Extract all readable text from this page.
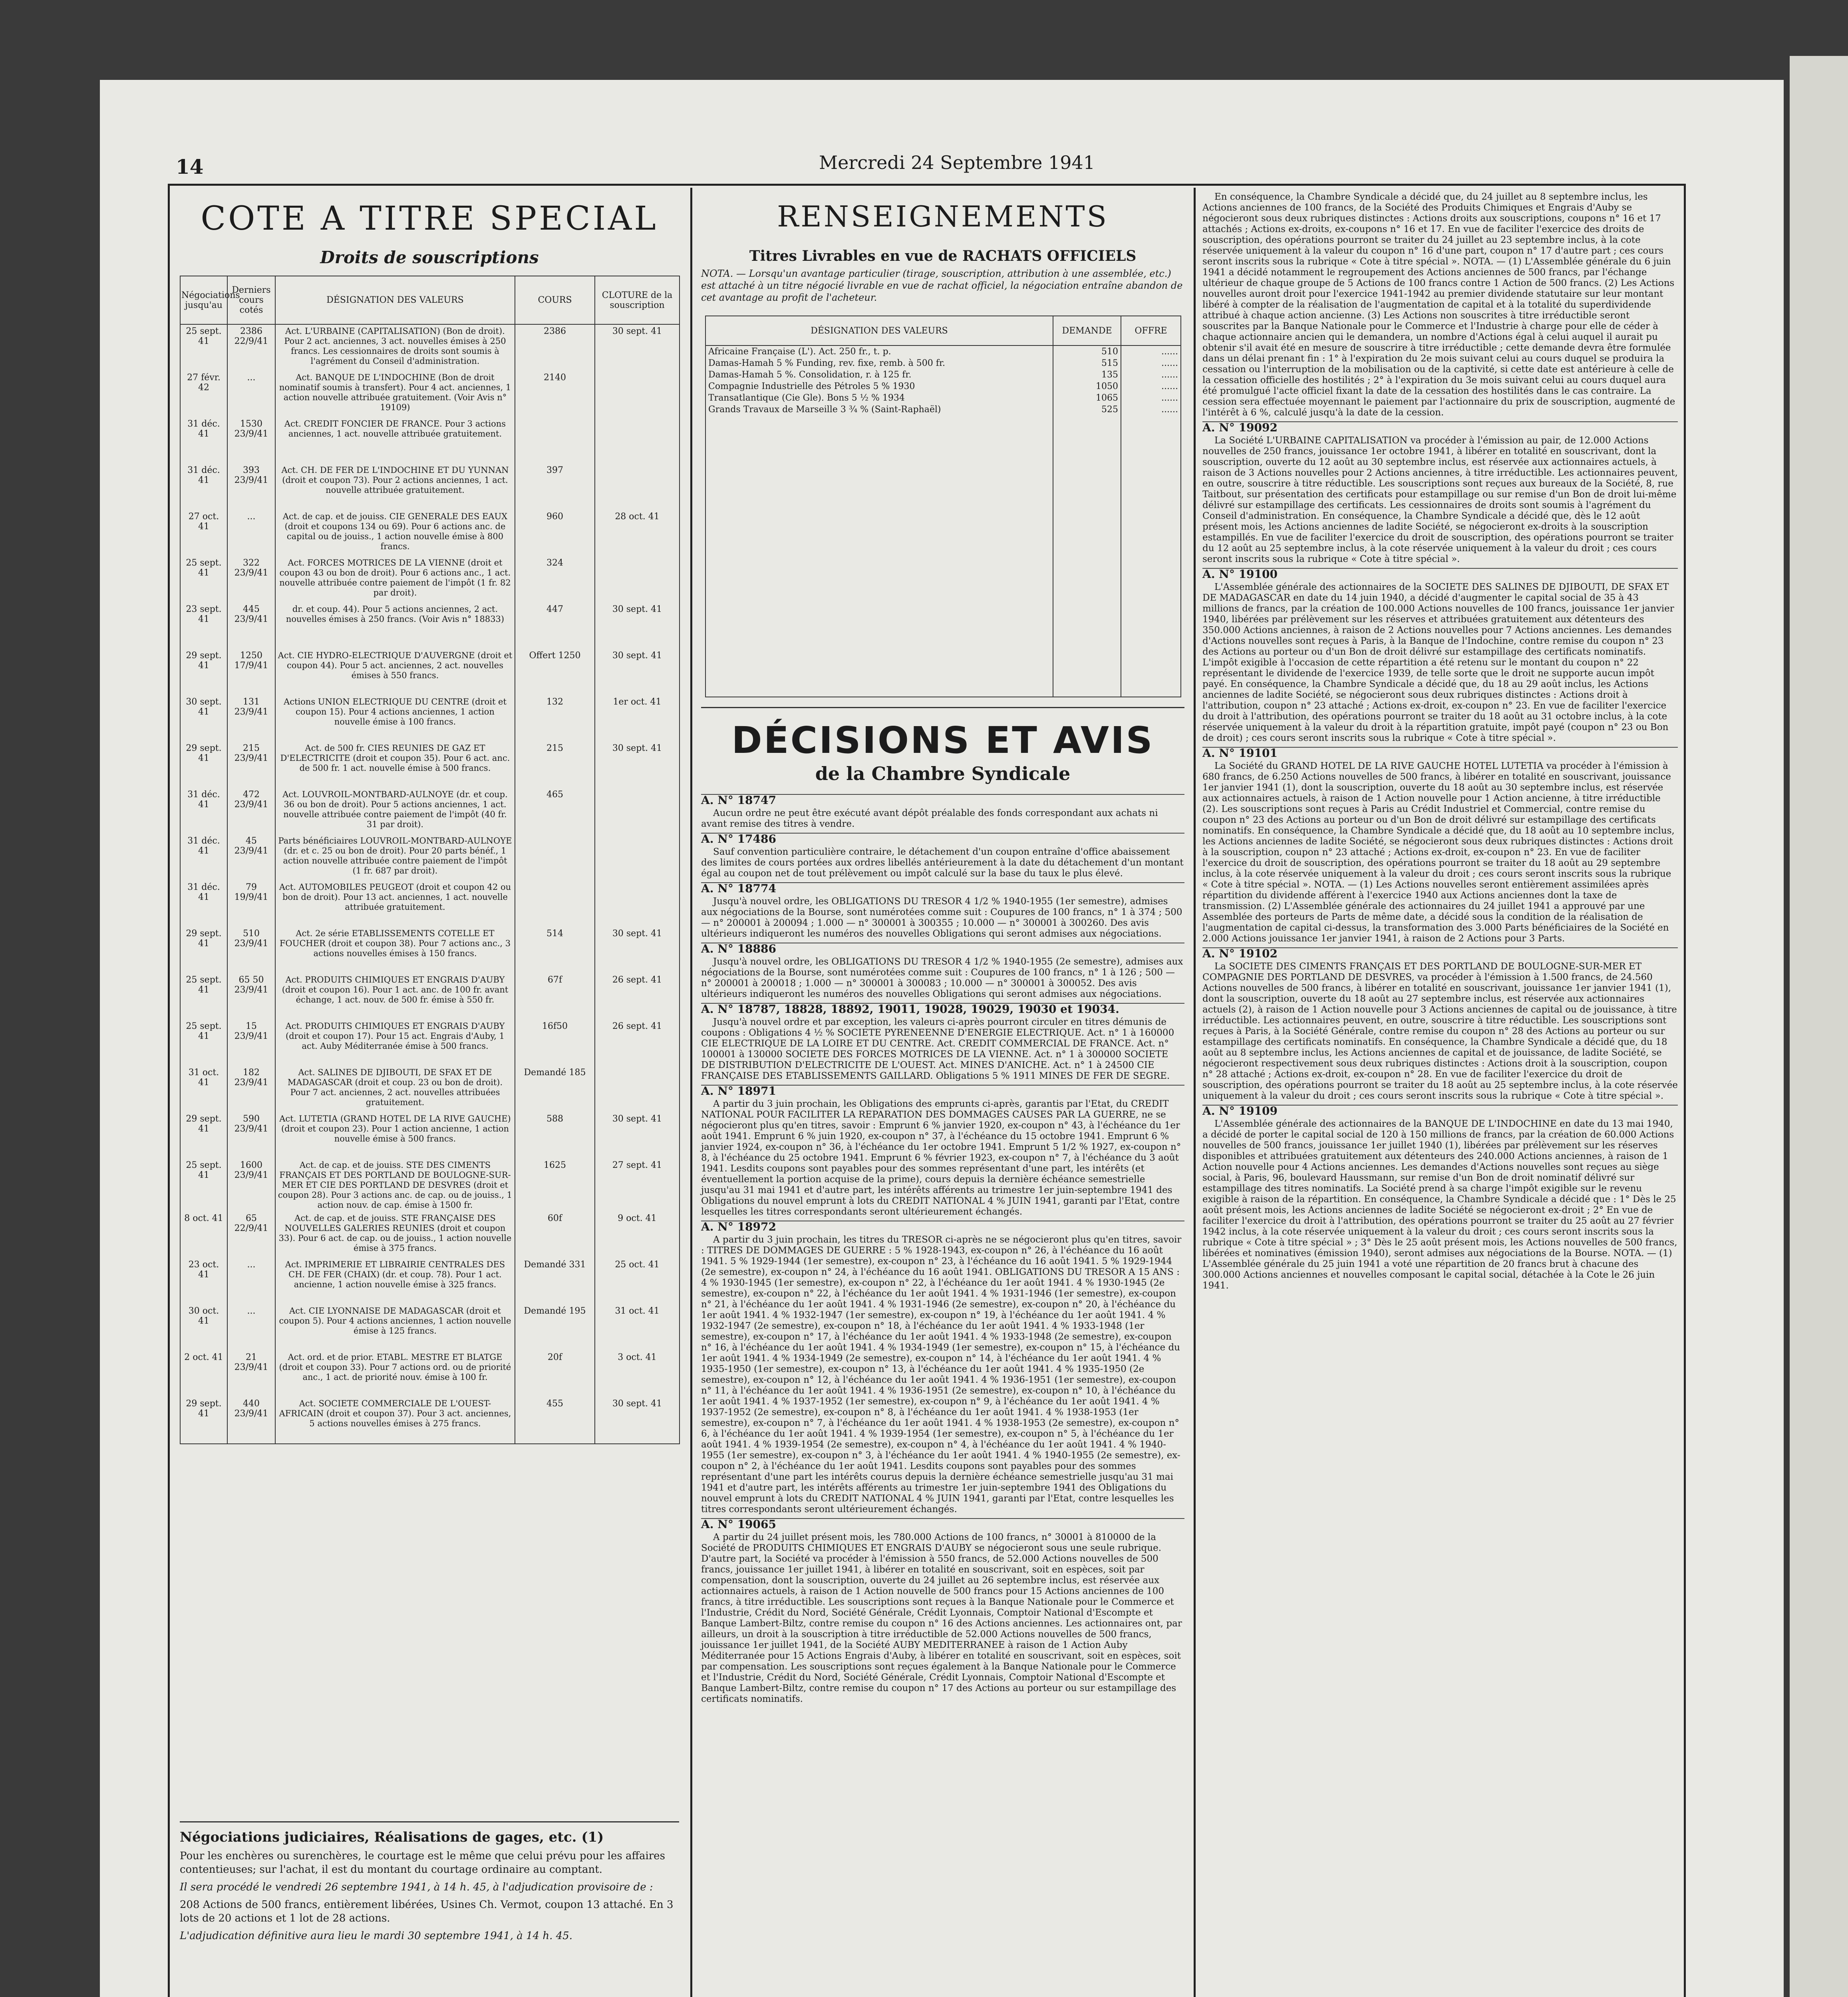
14	Mercredi 24 Septembre 1941
COTE A TITRE SPECIAL
Droits de souscriptions
Négociations jusqu'au	Derniers cours cotés	DÉSIGNATION DES VALEURS	COURS	CLOTURE de la souscription
25 sept. 41	2386 22/9/41	Act. L'URBAINE (CAPITALISATION) (Bon de droit). Pour 2 act. anciennes, 3 act. nouvelles émises à 250 francs. Les cessionnaires de droits sont soumis à l'agrément du Conseil d'administration.	2386	30 sept. 41
27 févr. 42	...	Act. BANQUE DE L'INDOCHINE (Bon de droit nominatif soumis à transfert). Pour 4 act. anciennes, 1 action nouvelle attribuée gratuitement. (Voir Avis n° 19109)	2140	
31 déc. 41	1530 23/9/41	Act. CREDIT FONCIER DE FRANCE. Pour 3 actions anciennes, 1 act. nouvelle attribuée gratuitement.		
31 déc. 41	393 23/9/41	Act. CH. DE FER DE L'INDOCHINE ET DU YUNNAN (droit et coupon 73). Pour 2 actions anciennes, 1 act. nouvelle attribuée gratuitement.	397	
27 oct. 41	...	Act. de cap. et de jouiss. CIE GENERALE DES EAUX (droit et coupons 134 ou 69). Pour 6 actions anc. de capital ou de jouiss., 1 action nouvelle émise à 800 francs.	960	28 oct. 41
25 sept. 41	322 23/9/41	Act. FORCES MOTRICES DE LA VIENNE (droit et coupon 43 ou bon de droit). Pour 6 actions anc., 1 act. nouvelle attribuée contre paiement de l'impôt (1 fr. 82 par droit).	324	
23 sept. 41	445 23/9/41	dr. et coup. 44). Pour 5 actions anciennes, 2 act. nouvelles émises à 250 francs. (Voir Avis n° 18833)	447	30 sept. 41
29 sept. 41	1250 17/9/41	Act. CIE HYDRO-ELECTRIQUE D'AUVERGNE (droit et coupon 44). Pour 5 act. anciennes, 2 act. nouvelles émises à 550 francs.	Offert 1250	30 sept. 41
30 sept. 41	131 23/9/41	Actions UNION ELECTRIQUE DU CENTRE (droit et coupon 15). Pour 4 actions anciennes, 1 action nouvelle émise à 100 francs.	132	1er oct. 41
29 sept. 41	215 23/9/41	Act. de 500 fr. CIES REUNIES DE GAZ ET D'ELECTRICITE (droit et coupon 35). Pour 6 act. anc. de 500 fr. 1 act. nouvelle émise à 500 francs.	215	30 sept. 41
31 déc. 41	472 23/9/41	Act. LOUVROIL-MONTBARD-AULNOYE (dr. et coup. 36 ou bon de droit). Pour 5 actions anciennes, 1 act. nouvelle attribuée contre paiement de l'impôt (40 fr. 31 par droit).	465	
31 déc. 41	45 23/9/41	Parts bénéficiaires LOUVROIL-MONTBARD-AULNOYE (dr. et c. 25 ou bon de droit). Pour 20 parts bénéf., 1 action nouvelle attribuée contre paiement de l'impôt (1 fr. 687 par droit).		
31 déc. 41	79 19/9/41	Act. AUTOMOBILES PEUGEOT (droit et coupon 42 ou bon de droit). Pour 13 act. anciennes, 1 act. nouvelle attribuée gratuitement.		
29 sept. 41	510 23/9/41	Act. 2e série ETABLISSEMENTS COTELLE ET FOUCHER (droit et coupon 38). Pour 7 actions anc., 3 actions nouvelles émises à 150 francs.	514	30 sept. 41
25 sept. 41	65 50 23/9/41	Act. PRODUITS CHIMIQUES ET ENGRAIS D'AUBY (droit et coupon 16). Pour 1 act. anc. de 100 fr. avant échange, 1 act. nouv. de 500 fr. émise à 550 fr.	67f	26 sept. 41
25 sept. 41	15 23/9/41	Act. PRODUITS CHIMIQUES ET ENGRAIS D'AUBY (droit et coupon 17). Pour 15 act. Engrais d'Auby, 1 act. Auby Méditerranée émise à 500 francs.	16f50	26 sept. 41
31 oct. 41	182 23/9/41	Act. SALINES DE DJIBOUTI, DE SFAX ET DE MADAGASCAR (droit et coup. 23 ou bon de droit). Pour 7 act. anciennes, 2 act. nouvelles attribuées gratuitement.	Demandé 185	
29 sept. 41	590 23/9/41	Act. LUTETIA (GRAND HOTEL DE LA RIVE GAUCHE) (droit et coupon 23). Pour 1 action ancienne, 1 action nouvelle émise à 500 francs.	588	30 sept. 41
25 sept. 41	1600 23/9/41	Act. de cap. et de jouiss. STE DES CIMENTS FRANÇAIS ET DES PORTLAND DE BOULOGNE-SUR-MER ET CIE DES PORTLAND DE DESVRES (droit et coupon 28). Pour 3 actions anc. de cap. ou de jouiss., 1 action nouv. de cap. émise à 1500 fr.	1625	27 sept. 41
8 oct. 41	65 22/9/41	Act. de cap. et de jouiss. STE FRANÇAISE DES NOUVELLES GALERIES REUNIES (droit et coupon 33). Pour 6 act. de cap. ou de jouiss., 1 action nouvelle émise à 375 francs.	60f	9 oct. 41
23 oct. 41	...	Act. IMPRIMERIE ET LIBRAIRIE CENTRALES DES CH. DE FER (CHAIX) (dr. et coup. 78). Pour 1 act. ancienne, 1 action nouvelle émise à 325 francs.	Demandé 331	25 oct. 41
30 oct. 41	...	Act. CIE LYONNAISE DE MADAGASCAR (droit et coupon 5). Pour 4 actions anciennes, 1 action nouvelle émise à 125 francs.	Demandé 195	31 oct. 41
2 oct. 41	21 23/9/41	Act. ord. et de prior. ETABL. MESTRE ET BLATGE (droit et coupon 33). Pour 7 actions ord. ou de priorité anc., 1 act. de priorité nouv. émise à 100 fr.	20f	3 oct. 41
29 sept. 41	440 23/9/41	Act. SOCIETE COMMERCIALE DE L'OUEST-AFRICAIN (droit et coupon 37). Pour 3 act. anciennes, 5 actions nouvelles émises à 275 francs.	455	30 sept. 41
Négociations judiciaires, Réalisations de gages, etc. (1)

Pour les enchères ou surenchères, le courtage est le même que celui prévu pour les affaires contentieuses; sur l'achat, il est du montant du courtage ordinaire au comptant.

Il sera procédé le vendredi 26 septembre 1941, à 14 h. 45, à l'adjudication provisoire de :

208 Actions de 500 francs, entièrement libérées, Usines Ch. Vermot, coupon 13 attaché. En 3 lots de 20 actions et 1 lot de 28 actions.

L'adjudication définitive aura lieu le mardi 30 septembre 1941, à 14 h. 45.

RENSEIGNEMENTS
Titres Livrables en vue de RACHATS OFFICIELS
NOTA. — Lorsqu'un avantage particulier (tirage, souscription, attribution à une assemblée, etc.) est attaché à un titre négocié livrable en vue de rachat officiel, la négociation entraîne abandon de cet avantage au profit de l'acheteur.
DÉSIGNATION DES VALEURS	DEMANDE	OFFRE
Africaine Française (L'). Act. 250 fr., t. p.	510	......
Damas-Hamah 5 % Funding, rev. fixe, remb. à 500 fr.	515	......
Damas-Hamah 5 %. Consolidation, r. à 125 fr.	135	......
Compagnie Industrielle des Pétroles 5 % 1930	1050	......
Transatlantique (Cie Gle). Bons 5 ½ % 1934	1065	......
Grands Travaux de Marseille 3 ¾ % (Saint-Raphaël)	525	......

DÉCISIONS ET AVIS
de la Chambre Syndicale
A. N° 18747

Aucun ordre ne peut être exécuté avant dépôt préalable des fonds correspondant aux achats ni avant remise des titres à vendre.

A. N° 17486

Sauf convention particulière contraire, le détachement d'un coupon entraîne d'office abaissement des limites de cours portées aux ordres libellés antérieurement à la date du détachement d'un montant égal au coupon net de tout prélèvement ou impôt calculé sur la base du taux le plus élevé.

A. N° 18774

Jusqu'à nouvel ordre, les OBLIGATIONS DU TRESOR 4 1/2 % 1940-1955 (1er semestre), admises aux négociations de la Bourse, sont numérotées comme suit : Coupures de 100 francs, n° 1 à 374 ; 500 — n° 200001 à 200094 ; 1.000 — n° 300001 à 300355 ; 10.000 — n° 300001 à 300260. Des avis ultérieurs indiqueront les numéros des nouvelles Obligations qui seront admises aux négociations.

A. N° 18886

Jusqu'à nouvel ordre, les OBLIGATIONS DU TRESOR 4 1/2 % 1940-1955 (2e semestre), admises aux négociations de la Bourse, sont numérotées comme suit : Coupures de 100 francs, n° 1 à 126 ; 500 — n° 200001 à 200018 ; 1.000 — n° 300001 à 300083 ; 10.000 — n° 300001 à 300052. Des avis ultérieurs indiqueront les numéros des nouvelles Obligations qui seront admises aux négociations.

A. N° 18787, 18828, 18892, 19011, 19028, 19029, 19030 et 19034.

Jusqu'à nouvel ordre et par exception, les valeurs ci-après pourront circuler en titres démunis de coupons : Obligations 4 ½ % SOCIETE PYRENEENNE D'ENERGIE ELECTRIQUE. Act. n° 1 à 160000 CIE ELECTRIQUE DE LA LOIRE ET DU CENTRE. Act. CREDIT COMMERCIAL DE FRANCE. Act. n° 100001 à 130000 SOCIETE DES FORCES MOTRICES DE LA VIENNE. Act. n° 1 à 300000 SOCIETE DE DISTRIBUTION D'ELECTRICITE DE L'OUEST. Act. MINES D'ANICHE. Act. n° 1 à 24500 CIE FRANÇAISE DES ETABLISSEMENTS GAILLARD. Obligations 5 % 1911 MINES DE FER DE SEGRE.

A. N° 18971

A partir du 3 juin prochain, les Obligations des emprunts ci-après, garantis par l'Etat, du CREDIT NATIONAL POUR FACILITER LA REPARATION DES DOMMAGES CAUSES PAR LA GUERRE, ne se négocieront plus qu'en titres, savoir : Emprunt 6 % janvier 1920, ex-coupon n° 43, à l'échéance du 1er août 1941. Emprunt 6 % juin 1920, ex-coupon n° 37, à l'échéance du 15 octobre 1941. Emprunt 6 % janvier 1924, ex-coupon n° 36, à l'échéance du 1er octobre 1941. Emprunt 5 1/2 % 1927, ex-coupon n° 8, à l'échéance du 25 octobre 1941. Emprunt 6 % février 1923, ex-coupon n° 7, à l'échéance du 3 août 1941. Lesdits coupons sont payables pour des sommes représentant d'une part, les intérêts (et éventuellement la portion acquise de la prime), cours depuis la dernière échéance semestrielle jusqu'au 31 mai 1941 et d'autre part, les intérêts afférents au trimestre 1er juin-septembre 1941 des Obligations du nouvel emprunt à lots du CREDIT NATIONAL 4 % JUIN 1941, garanti par l'Etat, contre lesquelles les titres correspondants seront ultérieurement échangés.

A. N° 18972

A partir du 3 juin prochain, les titres du TRESOR ci-après ne se négocieront plus qu'en titres, savoir : TITRES DE DOMMAGES DE GUERRE : 5 % 1928-1943, ex-coupon n° 26, à l'échéance du 16 août 1941. 5 % 1929-1944 (1er semestre), ex-coupon n° 23, à l'échéance du 16 août 1941. 5 % 1929-1944 (2e semestre), ex-coupon n° 24, à l'échéance du 16 août 1941. OBLIGATIONS DU TRESOR A 15 ANS : 4 % 1930-1945 (1er semestre), ex-coupon n° 22, à l'échéance du 1er août 1941. 4 % 1930-1945 (2e semestre), ex-coupon n° 22, à l'échéance du 1er août 1941. 4 % 1931-1946 (1er semestre), ex-coupon n° 21, à l'échéance du 1er août 1941. 4 % 1931-1946 (2e semestre), ex-coupon n° 20, à l'échéance du 1er août 1941. 4 % 1932-1947 (1er semestre), ex-coupon n° 19, à l'échéance du 1er août 1941. 4 % 1932-1947 (2e semestre), ex-coupon n° 18, à l'échéance du 1er août 1941. 4 % 1933-1948 (1er semestre), ex-coupon n° 17, à l'échéance du 1er août 1941. 4 % 1933-1948 (2e semestre), ex-coupon n° 16, à l'échéance du 1er août 1941. 4 % 1934-1949 (1er semestre), ex-coupon n° 15, à l'échéance du 1er août 1941. 4 % 1934-1949 (2e semestre), ex-coupon n° 14, à l'échéance du 1er août 1941. 4 % 1935-1950 (1er semestre), ex-coupon n° 13, à l'échéance du 1er août 1941. 4 % 1935-1950 (2e semestre), ex-coupon n° 12, à l'échéance du 1er août 1941. 4 % 1936-1951 (1er semestre), ex-coupon n° 11, à l'échéance du 1er août 1941. 4 % 1936-1951 (2e semestre), ex-coupon n° 10, à l'échéance du 1er août 1941. 4 % 1937-1952 (1er semestre), ex-coupon n° 9, à l'échéance du 1er août 1941. 4 % 1937-1952 (2e semestre), ex-coupon n° 8, à l'échéance du 1er août 1941. 4 % 1938-1953 (1er semestre), ex-coupon n° 7, à l'échéance du 1er août 1941. 4 % 1938-1953 (2e semestre), ex-coupon n° 6, à l'échéance du 1er août 1941. 4 % 1939-1954 (1er semestre), ex-coupon n° 5, à l'échéance du 1er août 1941. 4 % 1939-1954 (2e semestre), ex-coupon n° 4, à l'échéance du 1er août 1941. 4 % 1940-1955 (1er semestre), ex-coupon n° 3, à l'échéance du 1er août 1941. 4 % 1940-1955 (2e semestre), ex-coupon n° 2, à l'échéance du 1er août 1941. Lesdits coupons sont payables pour des sommes représentant d'une part les intérêts courus depuis la dernière échéance semestrielle jusqu'au 31 mai 1941 et d'autre part, les intérêts afférents au trimestre 1er juin-septembre 1941 des Obligations du nouvel emprunt à lots du CREDIT NATIONAL 4 % JUIN 1941, garanti par l'Etat, contre lesquelles les titres correspondants seront ultérieurement échangés.

A. N° 19065

A partir du 24 juillet présent mois, les 780.000 Actions de 100 francs, n° 30001 à 810000 de la Société de PRODUITS CHIMIQUES ET ENGRAIS D'AUBY se négocieront sous une seule rubrique. D'autre part, la Société va procéder à l'émission à 550 francs, de 52.000 Actions nouvelles de 500 francs, jouissance 1er juillet 1941, à libérer en totalité en souscrivant, soit en espèces, soit par compensation, dont la souscription, ouverte du 24 juillet au 26 septembre inclus, est réservée aux actionnaires actuels, à raison de 1 Action nouvelle de 500 francs pour 15 Actions anciennes de 100 francs, à titre irréductible. Les souscriptions sont reçues à la Banque Nationale pour le Commerce et l'Industrie, Crédit du Nord, Société Générale, Crédit Lyonnais, Comptoir National d'Escompte et Banque Lambert-Biltz, contre remise du coupon n° 16 des Actions anciennes. Les actionnaires ont, par ailleurs, un droit à la souscription à titre irréductible de 52.000 Actions nouvelles de 500 francs, jouissance 1er juillet 1941, de la Société AUBY MEDITERRANEE à raison de 1 Action Auby Méditerranée pour 15 Actions Engrais d'Auby, à libérer en totalité en souscrivant, soit en espèces, soit par compensation. Les souscriptions sont reçues également à la Banque Nationale pour le Commerce et l'Industrie, Crédit du Nord, Société Générale, Crédit Lyonnais, Comptoir National d'Escompte et Banque Lambert-Biltz, contre remise du coupon n° 17 des Actions au porteur ou sur estampillage des certificats nominatifs.

En conséquence, la Chambre Syndicale a décidé que, du 24 juillet au 8 septembre inclus, les Actions anciennes de 100 francs, de la Société des Produits Chimiques et Engrais d'Auby se négocieront sous deux rubriques distinctes : Actions droits aux souscriptions, coupons n° 16 et 17 attachés ; Actions ex-droits, ex-coupons n° 16 et 17. En vue de faciliter l'exercice des droits de souscription, des opérations pourront se traiter du 24 juillet au 23 septembre inclus, à la cote réservée uniquement à la valeur du coupon n° 16 d'une part, coupon n° 17 d'autre part ; ces cours seront inscrits sous la rubrique « Cote à titre spécial ». NOTA. — (1) L'Assemblée générale du 6 juin 1941 a décidé notamment le regroupement des Actions anciennes de 500 francs, par l'échange ultérieur de chaque groupe de 5 Actions de 100 francs contre 1 Action de 500 francs. (2) Les Actions nouvelles auront droit pour l'exercice 1941-1942 au premier dividende statutaire sur leur montant libéré à compter de la réalisation de l'augmentation de capital et à la totalité du superdividende attribué à chaque action ancienne. (3) Les Actions non souscrites à titre irréductible seront souscrites par la Banque Nationale pour le Commerce et l'Industrie à charge pour elle de céder à chaque actionnaire ancien qui le demandera, un nombre d'Actions égal à celui auquel il aurait pu obtenir s'il avait été en mesure de souscrire à titre irréductible ; cette demande devra être formulée dans un délai prenant fin : 1° à l'expiration du 2e mois suivant celui au cours duquel se produira la cessation ou l'interruption de la mobilisation ou de la captivité, si cette date est antérieure à celle de la cessation officielle des hostilités ; 2° à l'expiration du 3e mois suivant celui au cours duquel aura été promulgué l'acte officiel fixant la date de la cessation des hostilités dans le cas contraire. La cession sera effectuée moyennant le paiement par l'actionnaire du prix de souscription, augmenté de l'intérêt à 6 %, calculé jusqu'à la date de la cession.

A. N° 19092

La Société L'URBAINE CAPITALISATION va procéder à l'émission au pair, de 12.000 Actions nouvelles de 250 francs, jouissance 1er octobre 1941, à libérer en totalité en souscrivant, dont la souscription, ouverte du 12 août au 30 septembre inclus, est réservée aux actionnaires actuels, à raison de 3 Actions nouvelles pour 2 Actions anciennes, à titre irréductible. Les actionnaires peuvent, en outre, souscrire à titre réductible. Les souscriptions sont reçues aux bureaux de la Société, 8, rue Taitbout, sur présentation des certificats pour estampillage ou sur remise d'un Bon de droit lui-même délivré sur estampillage des certificats. Les cessionnaires de droits sont soumis à l'agrément du Conseil d'administration. En conséquence, la Chambre Syndicale a décidé que, dès le 12 août présent mois, les Actions anciennes de ladite Société, se négocieront ex-droits à la souscription estampillés. En vue de faciliter l'exercice du droit de souscription, des opérations pourront se traiter du 12 août au 25 septembre inclus, à la cote réservée uniquement à la valeur du droit ; ces cours seront inscrits sous la rubrique « Cote à titre spécial ».

A. N° 19100

L'Assemblée générale des actionnaires de la SOCIETE DES SALINES DE DJIBOUTI, DE SFAX ET DE MADAGASCAR en date du 14 juin 1940, a décidé d'augmenter le capital social de 35 à 43 millions de francs, par la création de 100.000 Actions nouvelles de 100 francs, jouissance 1er janvier 1940, libérées par prélèvement sur les réserves et attribuées gratuitement aux détenteurs des 350.000 Actions anciennes, à raison de 2 Actions nouvelles pour 7 Actions anciennes. Les demandes d'Actions nouvelles sont reçues à Paris, à la Banque de l'Indochine, contre remise du coupon n° 23 des Actions au porteur ou d'un Bon de droit délivré sur estampillage des certificats nominatifs. L'impôt exigible à l'occasion de cette répartition a été retenu sur le montant du coupon n° 22 représentant le dividende de l'exercice 1939, de telle sorte que le droit ne supporte aucun impôt payé. En conséquence, la Chambre Syndicale a décidé que, du 18 au 29 août inclus, les Actions anciennes de ladite Société, se négocieront sous deux rubriques distinctes : Actions droit à l'attribution, coupon n° 23 attaché ; Actions ex-droit, ex-coupon n° 23. En vue de faciliter l'exercice du droit à l'attribution, des opérations pourront se traiter du 18 août au 31 octobre inclus, à la cote réservée uniquement à la valeur du droit à la répartition gratuite, impôt payé (coupon n° 23 ou Bon de droit) ; ces cours seront inscrits sous la rubrique « Cote à titre spécial ».

A. N° 19101

La Société du GRAND HOTEL DE LA RIVE GAUCHE HOTEL LUTETIA va procéder à l'émission à 680 francs, de 6.250 Actions nouvelles de 500 francs, à libérer en totalité en souscrivant, jouissance 1er janvier 1941 (1), dont la souscription, ouverte du 18 août au 30 septembre inclus, est réservée aux actionnaires actuels, à raison de 1 Action nouvelle pour 1 Action ancienne, à titre irréductible (2). Les souscriptions sont reçues à Paris au Crédit Industriel et Commercial, contre remise du coupon n° 23 des Actions au porteur ou d'un Bon de droit délivré sur estampillage des certificats nominatifs. En conséquence, la Chambre Syndicale a décidé que, du 18 août au 10 septembre inclus, les Actions anciennes de ladite Société, se négocieront sous deux rubriques distinctes : Actions droit à la souscription, coupon n° 23 attaché ; Actions ex-droit, ex-coupon n° 23. En vue de faciliter l'exercice du droit de souscription, des opérations pourront se traiter du 18 août au 29 septembre inclus, à la cote réservée uniquement à la valeur du droit ; ces cours seront inscrits sous la rubrique « Cote à titre spécial ». NOTA. — (1) Les Actions nouvelles seront entièrement assimilées après répartition du dividende afférent à l'exercice 1940 aux Actions anciennes dont la taxe de transmission. (2) L'Assemblée générale des actionnaires du 24 juillet 1941 a approuvé par une Assemblée des porteurs de Parts de même date, a décidé sous la condition de la réalisation de l'augmentation de capital ci-dessus, la transformation des 3.000 Parts bénéficiaires de la Société en 2.000 Actions jouissance 1er janvier 1941, à raison de 2 Actions pour 3 Parts.

A. N° 19102

La SOCIETE DES CIMENTS FRANÇAIS ET DES PORTLAND DE BOULOGNE-SUR-MER ET COMPAGNIE DES PORTLAND DE DESVRES, va procéder à l'émission à 1.500 francs, de 24.560 Actions nouvelles de 500 francs, à libérer en totalité en souscrivant, jouissance 1er janvier 1941 (1), dont la souscription, ouverte du 18 août au 27 septembre inclus, est réservée aux actionnaires actuels (2), à raison de 1 Action nouvelle pour 3 Actions anciennes de capital ou de jouissance, à titre irréductible. Les actionnaires peuvent, en outre, souscrire à titre réductible. Les souscriptions sont reçues à Paris, à la Société Générale, contre remise du coupon n° 28 des Actions au porteur ou sur estampillage des certificats nominatifs. En conséquence, la Chambre Syndicale a décidé que, du 18 août au 8 septembre inclus, les Actions anciennes de capital et de jouissance, de ladite Société, se négocieront respectivement sous deux rubriques distinctes : Actions droit à la souscription, coupon n° 28 attaché ; Actions ex-droit, ex-coupon n° 28. En vue de faciliter l'exercice du droit de souscription, des opérations pourront se traiter du 18 août au 25 septembre inclus, à la cote réservée uniquement à la valeur du droit ; ces cours seront inscrits sous la rubrique « Cote à titre spécial ».

A. N° 19109

L'Assemblée générale des actionnaires de la BANQUE DE L'INDOCHINE en date du 13 mai 1940, a décidé de porter le capital social de 120 à 150 millions de francs, par la création de 60.000 Actions nouvelles de 500 francs, jouissance 1er juillet 1940 (1), libérées par prélèvement sur les réserves disponibles et attribuées gratuitement aux détenteurs des 240.000 Actions anciennes, à raison de 1 Action nouvelle pour 4 Actions anciennes. Les demandes d'Actions nouvelles sont reçues au siège social, à Paris, 96, boulevard Haussmann, sur remise d'un Bon de droit nominatif délivré sur estampillage des titres nominatifs. La Société prend à sa charge l'impôt exigible sur le revenu exigible à raison de la répartition. En conséquence, la Chambre Syndicale a décidé que : 1° Dès le 25 août présent mois, les Actions anciennes de ladite Société se négocieront ex-droit ; 2° En vue de faciliter l'exercice du droit à l'attribution, des opérations pourront se traiter du 25 août au 27 février 1942 inclus, à la cote réservée uniquement à la valeur du droit ; ces cours seront inscrits sous la rubrique « Cote à titre spécial » ; 3° Dès le 25 août présent mois, les Actions nouvelles de 500 francs, libérées et nominatives (émission 1940), seront admises aux négociations de la Bourse. NOTA. — (1) L'Assemblée générale du 25 juin 1941 a voté une répartition de 20 francs brut à chacune des 300.000 Actions anciennes et nouvelles composant le capital social, détachée à la Cote le 26 juin 1941.
